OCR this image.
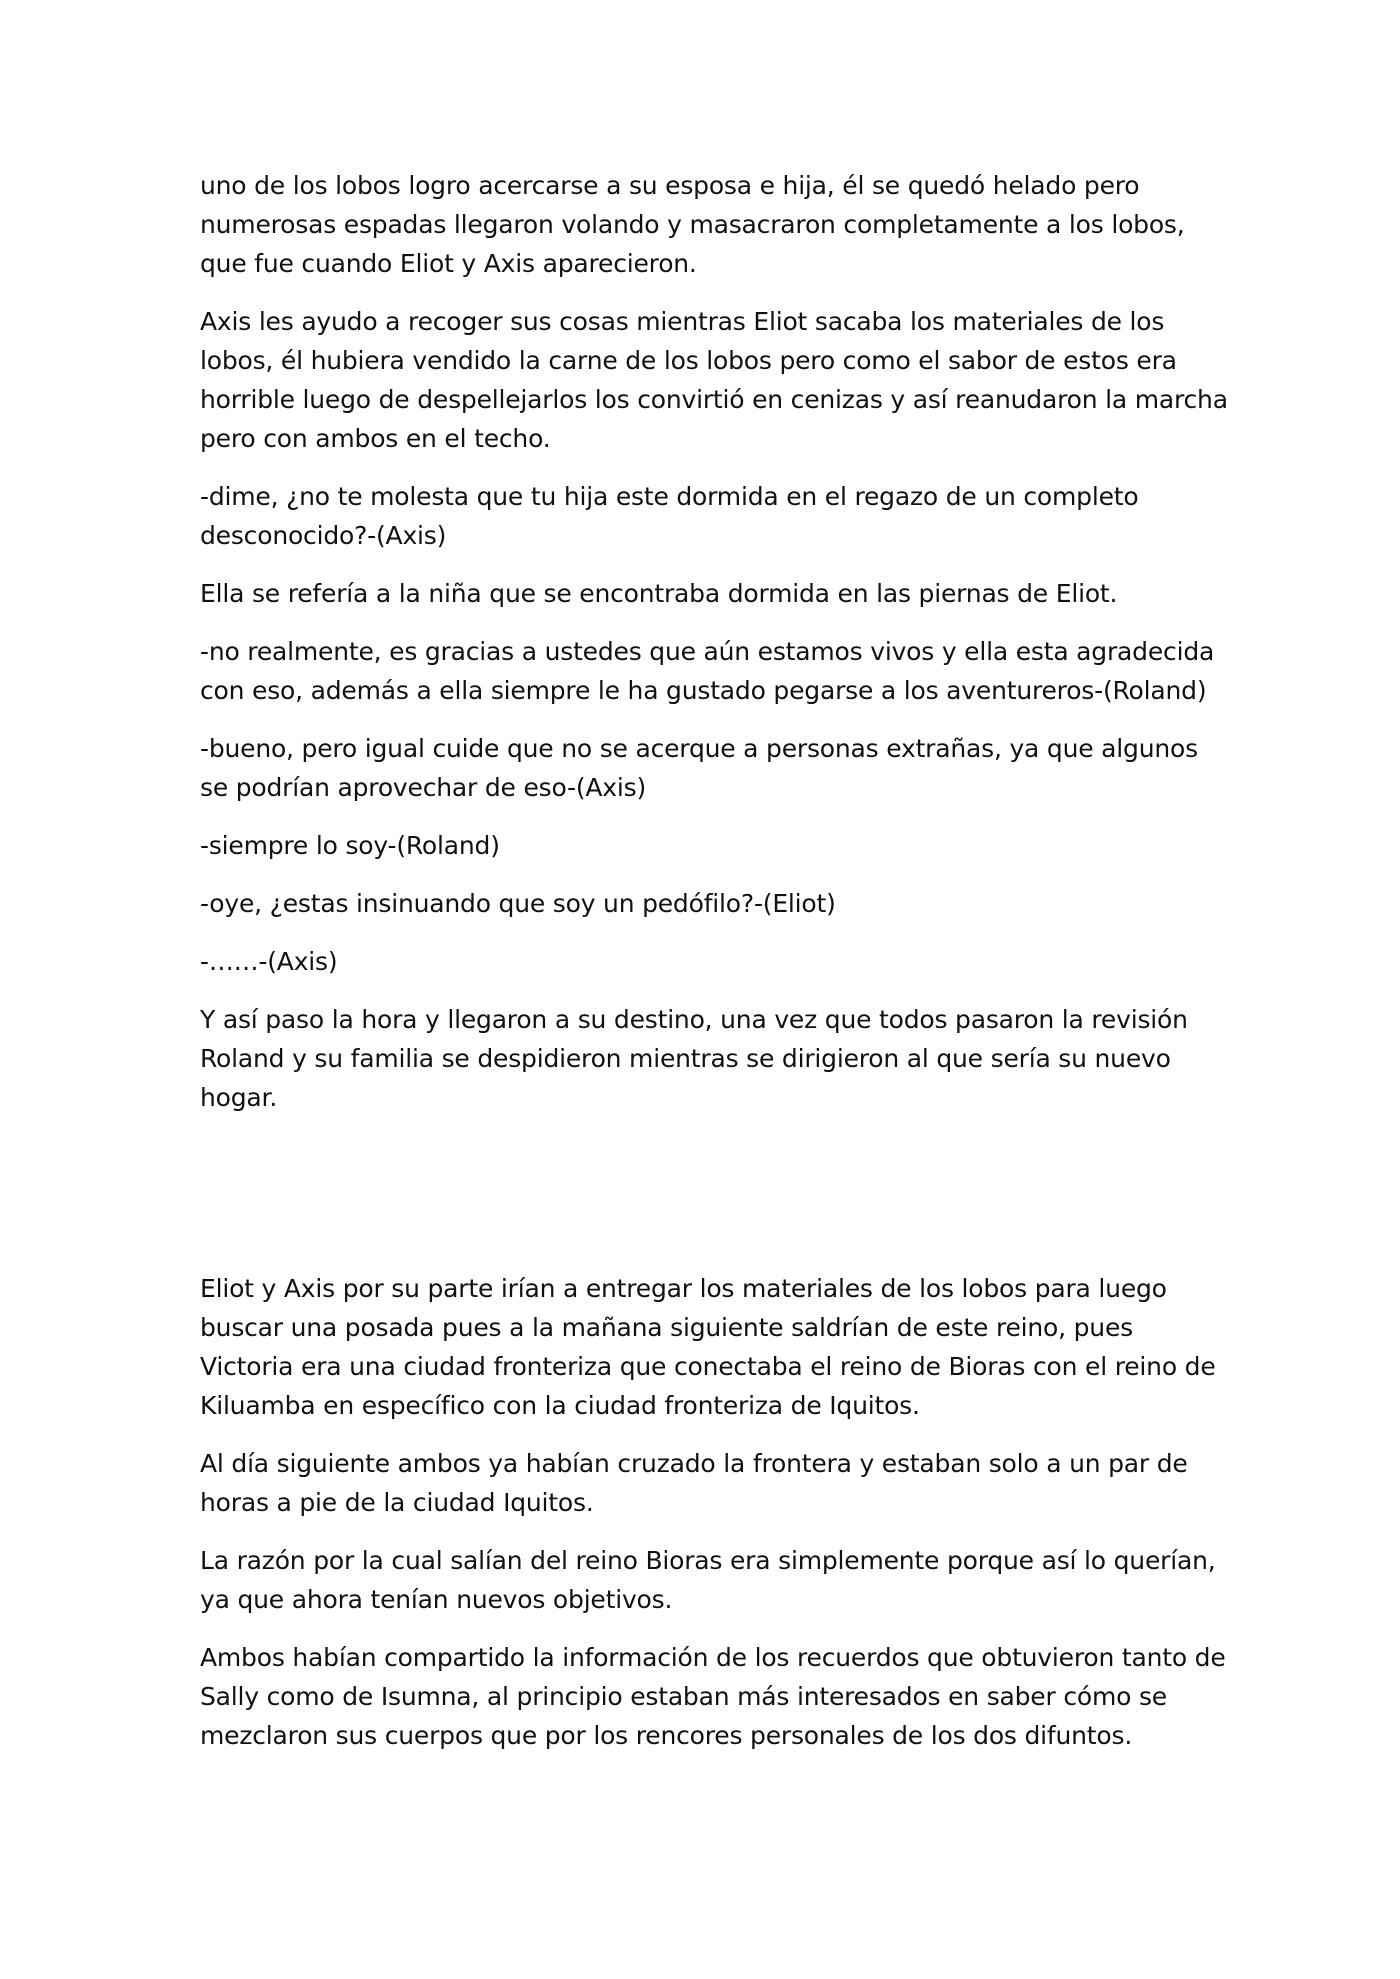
uno de los lobos logro acercarse a su esposa e hija, él se quedó helado pero numerosas espadas llegaron volando y masacraron completamente a los lobos, que fue cuando Eliot y Axis aparecieron.

Axis les ayudo a recoger sus cosas mientras Eliot sacaba los materiales de los lobos, él hubiera vendido la carne de los lobos pero como el sabor de estos era horrible luego de despellejarlos los convirtió en cenizas y así reanudaron la marcha pero con ambos en el techo.

-dime, ¿no te molesta que tu hija este dormida en el regazo de un completo desconocido?-(Axis)

Ella se refería a la niña que se encontraba dormida en las piernas de Eliot.

-no realmente, es gracias a ustedes que aún estamos vivos y ella esta agradecida con eso, además a ella siempre le ha gustado pegarse a los aventureros-(Roland)

-bueno, pero igual cuide que no se acerque a personas extrañas, ya que algunos se podrían aprovechar de eso-(Axis)

-siempre lo soy-(Roland)

-oye, ¿estas insinuando que soy un pedófilo?-(Eliot)

-……-(Axis)

Y así paso la hora y llegaron a su destino, una vez que todos pasaron la revisión Roland y su familia se despidieron mientras se dirigieron al que sería su nuevo hogar.

Eliot y Axis por su parte irían a entregar los materiales de los lobos para luego buscar una posada pues a la mañana siguiente saldrían de este reino, pues Victoria era una ciudad fronteriza que conectaba el reino de Bioras con el reino de Kiluamba en específico con la ciudad fronteriza de Iquitos.

Al día siguiente ambos ya habían cruzado la frontera y estaban solo a un par de horas a pie de la ciudad Iquitos.

La razón por la cual salían del reino Bioras era simplemente porque así lo querían, ya que ahora tenían nuevos objetivos.

Ambos habían compartido la información de los recuerdos que obtuvieron tanto de Sally como de Isumna, al principio estaban más interesados en saber cómo se mezclaron sus cuerpos que por los rencores personales de los dos difuntos.
